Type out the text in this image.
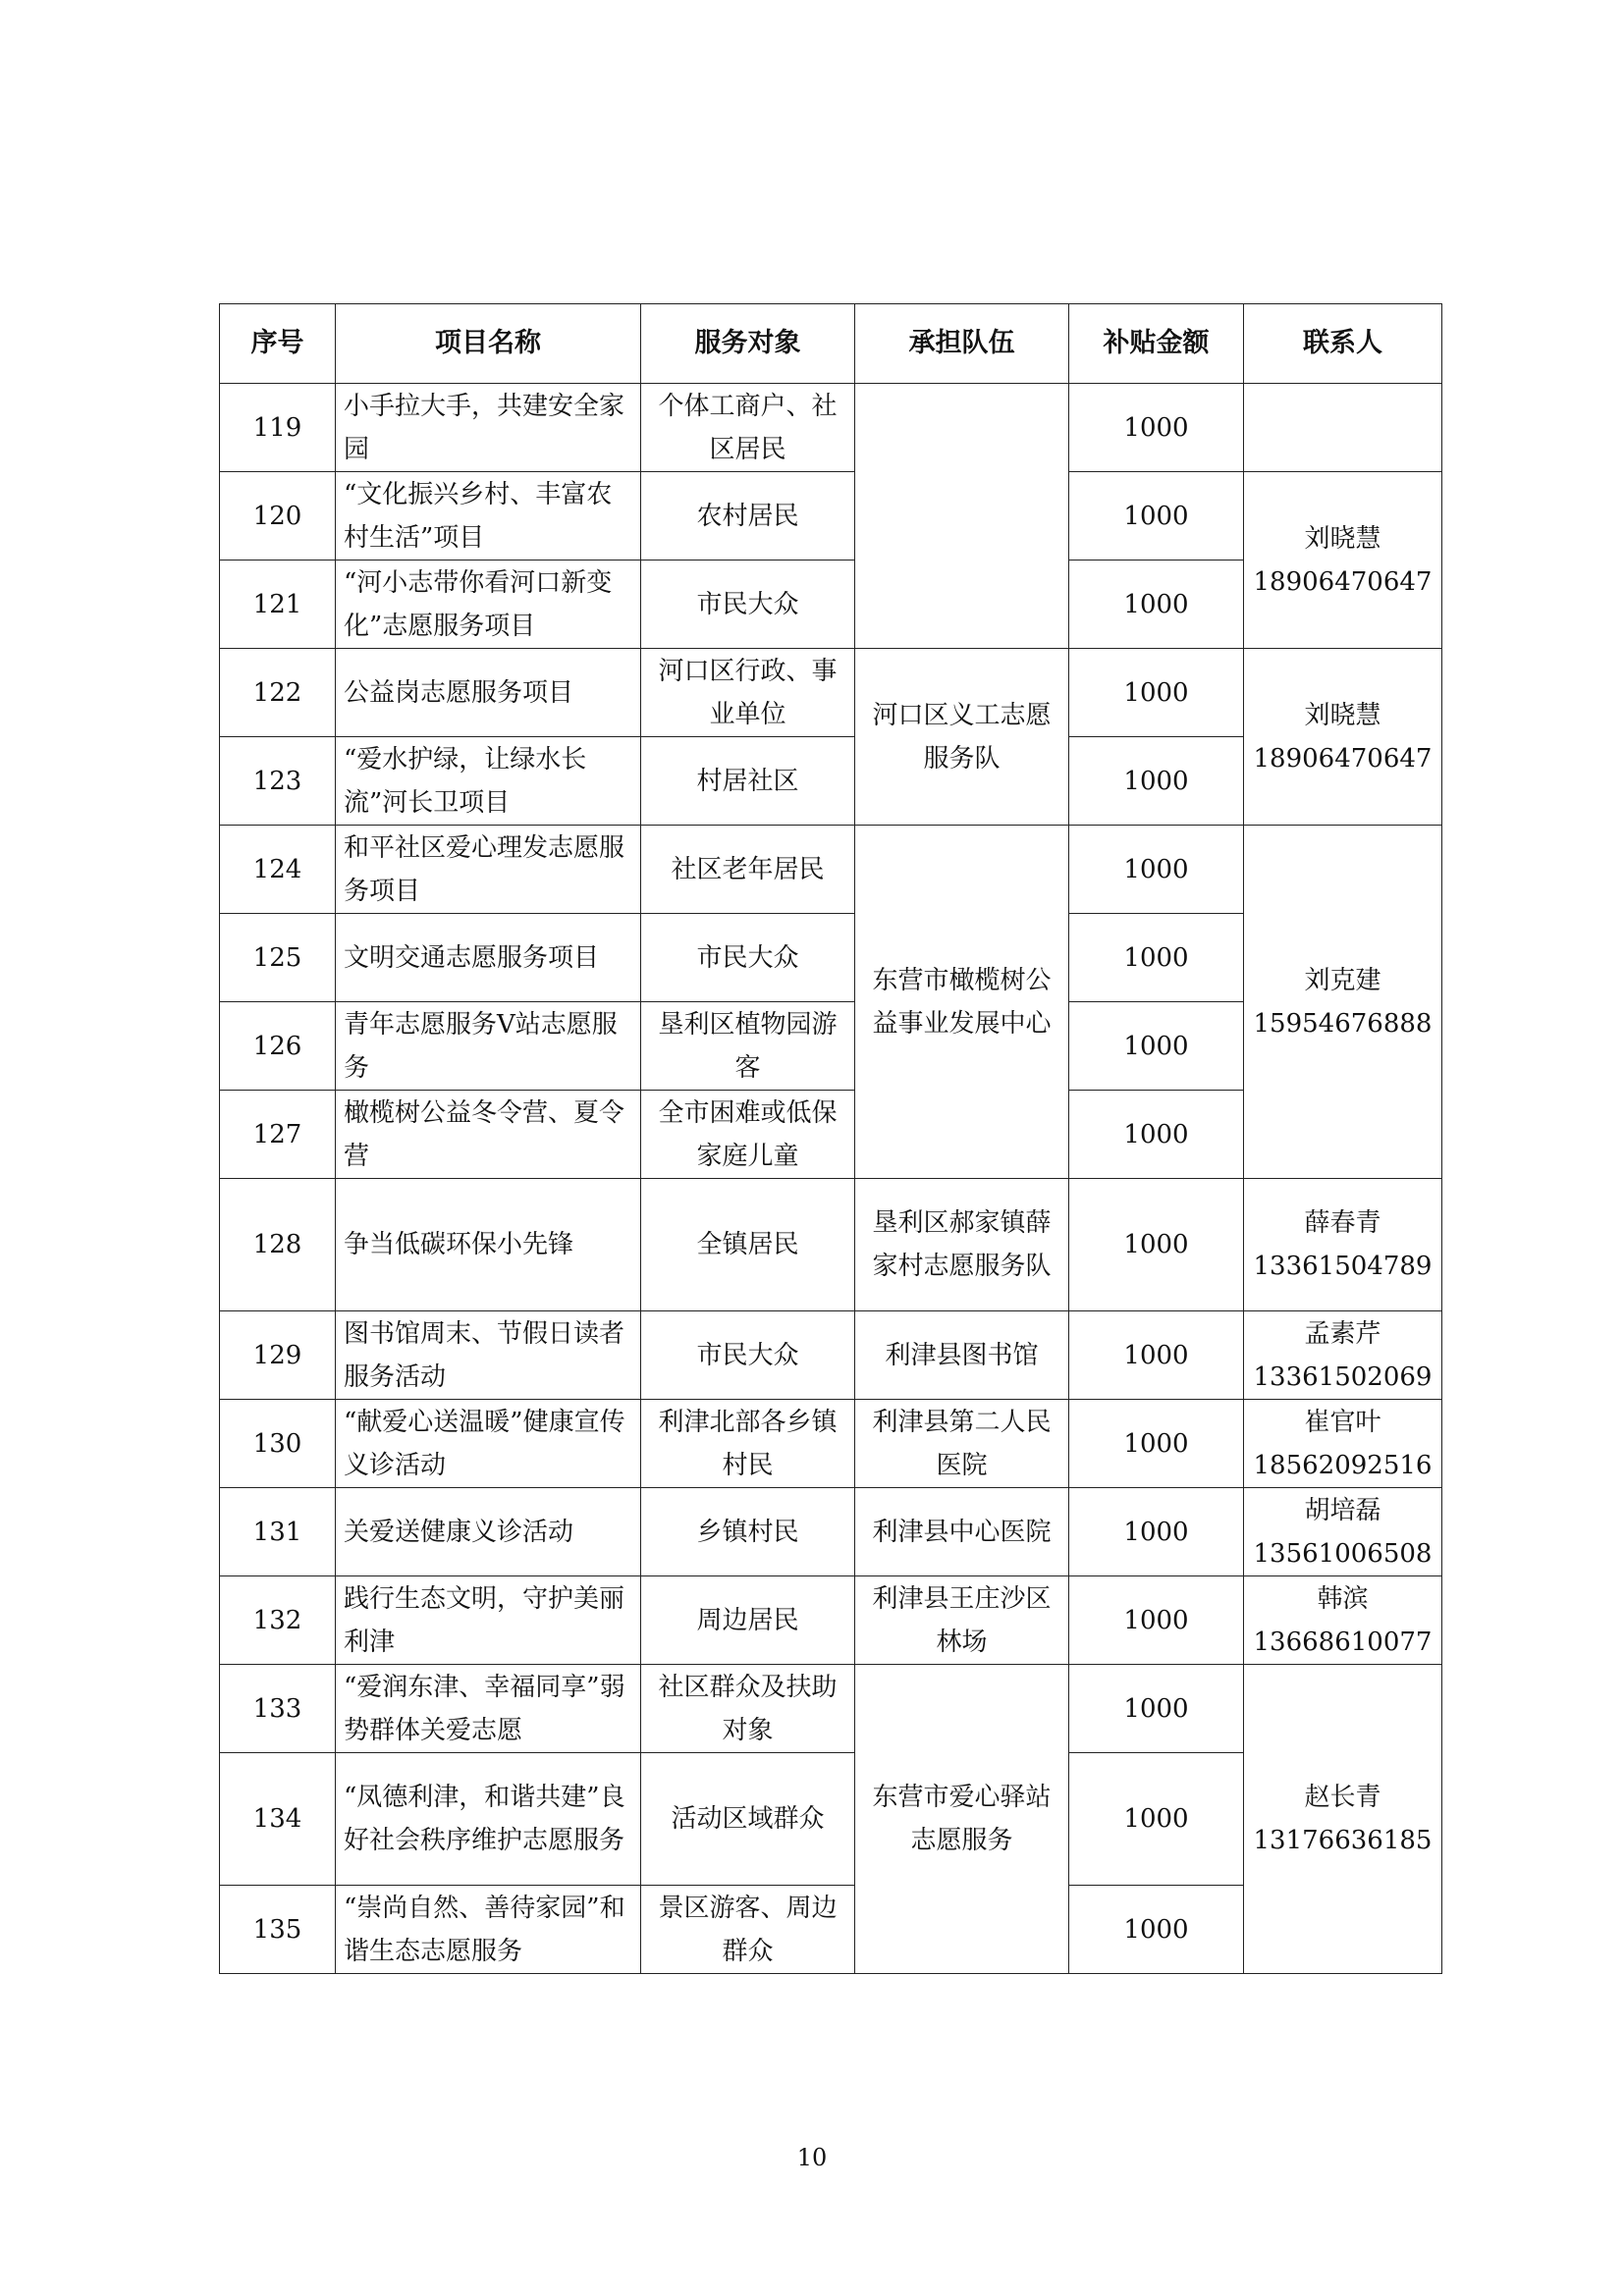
序号	项目名称	服务对象	承担队伍	补贴金额	联系人
119	小手拉大手，共建安全家园	个体工商户、社区居民		1000	
120	“文化振兴乡村、丰富农村生活”项目	农村居民		1000	刘晓慧 18906470647
121	“河小志带你看河口新变化”志愿服务项目	市民大众		1000	
122	公益岗志愿服务项目	河口区行政、事业单位	河口区义工志愿服务队	1000	刘晓慧 18906470647
123	“爱水护绿，让绿水长流”河长卫项目	村居社区		1000	
124	和平社区爱心理发志愿服务项目	社区老年居民	东营市橄榄树公益事业发展中心	1000	刘克建 15954676888
125	文明交通志愿服务项目	市民大众		1000	
126	青年志愿服务V站志愿服务	垦利区植物园游客		1000	
127	橄榄树公益冬令营、夏令营	全市困难或低保家庭儿童		1000	
128	争当低碳环保小先锋	全镇居民	垦利区郝家镇薛家村志愿服务队	1000	薛春青 13361504789
129	图书馆周末、节假日读者服务活动	市民大众	利津县图书馆	1000	孟素芹 13361502069
130	“献爱心送温暖”健康宣传义诊活动	利津北部各乡镇村民	利津县第二人民医院	1000	崔官叶 18562092516
131	关爱送健康义诊活动	乡镇村民	利津县中心医院	1000	胡培磊 13561006508
132	践行生态文明，守护美丽利津	周边居民	利津县王庄沙区林场	1000	韩滨 13668610077
133	“爱润东津、幸福同享”弱势群体关爱志愿	社区群众及扶助对象	东营市爱心驿站志愿服务	1000	赵长青 13176636185
134	“凤德利津，和谐共建”良好社会秩序维护志愿服务	活动区域群众		1000	
135	“崇尚自然、善待家园”和谐生态志愿服务	景区游客、周边群众		1000	
10
